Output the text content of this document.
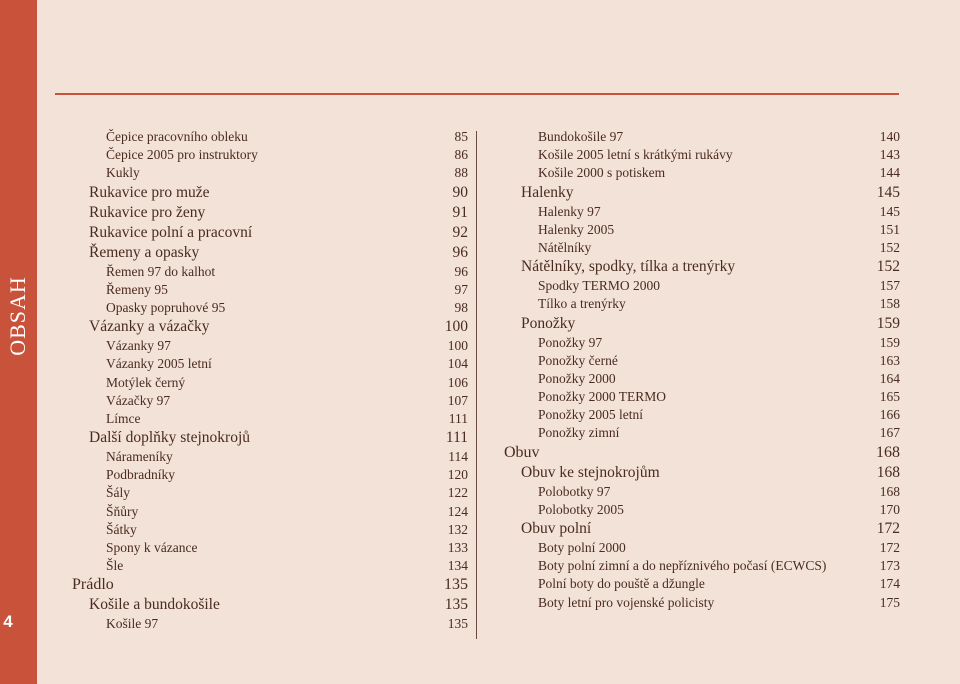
OBSAH
4
Čepice pracovního obleku	85
Čepice 2005 pro instruktory	86
Kukly	88
Rukavice pro muže	90
Rukavice pro ženy	91
Rukavice polní a pracovní	92
Řemeny a opasky	96
Řemen 97 do kalhot	96
Řemeny 95	97
Opasky popruhové 95	98
Vázanky a vázačky	100
Vázanky 97	100
Vázanky 2005 letní	104
Motýlek černý	106
Vázačky 97	107
Límce	111
Další doplňky stejnokrojů	111
Nárameníky	114
Podbradníky	120
Šály	122
Šňůry	124
Šátky	132
Spony k vázance	133
Šle	134
Prádlo	135
Košile a bundokošile	135
Košile 97	135
Bundokošile 97	140
Košile 2005 letní s krátkými rukávy	143
Košile 2000 s potiskem	144
Halenky	145
Halenky 97	145
Halenky 2005	151
Nátělníky	152
Nátělníky, spodky, tílka a trenýrky	152
Spodky TERMO 2000	157
Tílko a trenýrky	158
Ponožky	159
Ponožky 97	159
Ponožky černé	163
Ponožky 2000	164
Ponožky 2000 TERMO	165
Ponožky 2005 letní	166
Ponožky zimní	167
Obuv	168
Obuv ke stejnokrojům	168
Polobotky 97	168
Polobotky 2005	170
Obuv polní	172
Boty polní 2000	172
Boty polní zimní a do nepříznivého počasí (ECWCS)	173
Polní boty do pouště a džungle	174
Boty letní pro vojenské policisty	175
